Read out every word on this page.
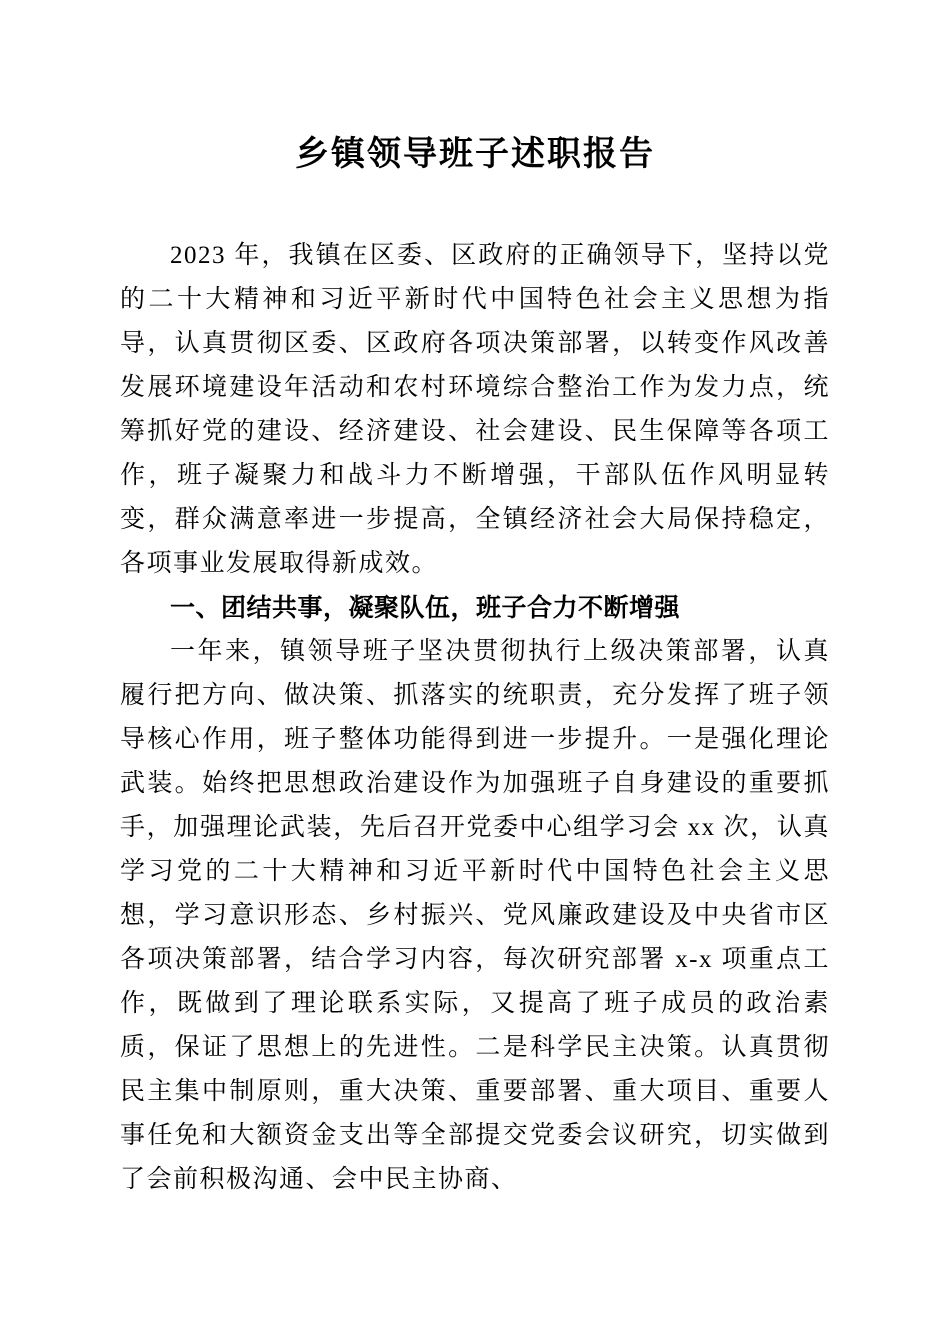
乡镇领导班子述职报告

2023 年，我镇在区委、区政府的正确领导下，坚持以党的二十大精神和习近平新时代中国特色社会主义思想为指导，认真贯彻区委、区政府各项决策部署，以转变作风改善发展环境建设年活动和农村环境综合整治工作为发力点，统筹抓好党的建设、经济建设、社会建设、民生保障等各项工作，班子凝聚力和战斗力不断增强，干部队伍作风明显转变，群众满意率进一步提高，全镇经济社会大局保持稳定，各项事业发展取得新成效。

一、团结共事，凝聚队伍，班子合力不断增强

一年来，镇领导班子坚决贯彻执行上级决策部署，认真履行把方向、做决策、抓落实的统职责，充分发挥了班子领导核心作用，班子整体功能得到进一步提升。一是强化理论武装。始终把思想政治建设作为加强班子自身建设的重要抓手，加强理论武装，先后召开党委中心组学习会 xx 次，认真学习党的二十大精神和习近平新时代中国特色社会主义思想，学习意识形态、乡村振兴、党风廉政建设及中央省市区各项决策部署，结合学习内容，每次研究部署 x-x 项重点工作，既做到了理论联系实际，又提高了班子成员的政治素质，保证了思想上的先进性。二是科学民主决策。认真贯彻民主集中制原则，重大决策、重要部署、重大项目、重要人事任免和大额资金支出等全部提交党委会议研究，切实做到了会前积极沟通、会中民主协商、
